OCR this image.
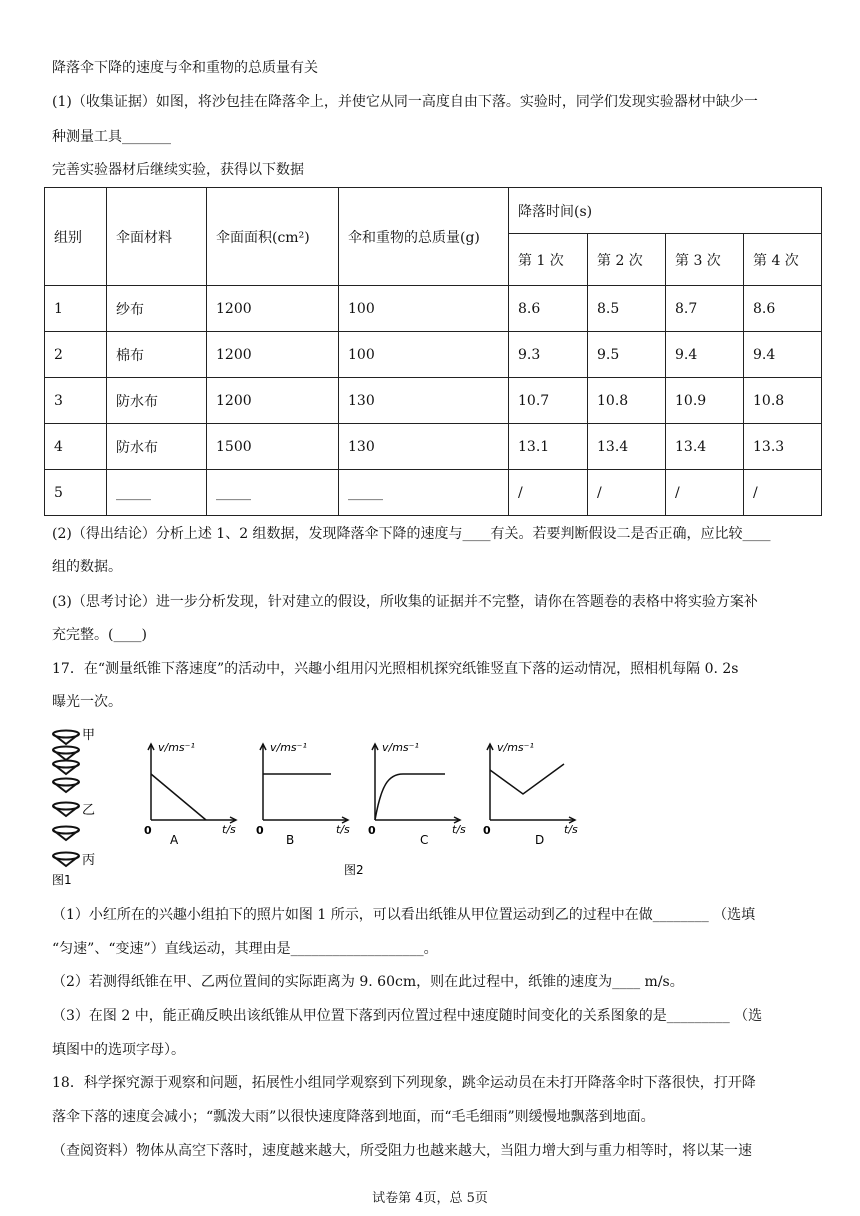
降落伞下降的速度与伞和重物的总质量有关
(1)（收集证据）如图，将沙包挂在降落伞上，并使它从同一高度自由下落。实验时，同学们发现实验器材中缺少一
种测量工具_______
完善实验器材后继续实验，获得以下数据
组别	伞面材料	伞面面积(cm²)	伞和重物的总质量(g)	降落时间(s)			
				第 1 次	第 2 次	第 3 次	第 4 次
1	纱布	1200	100	8.6	8.5	8.7	8.6
2	棉布	1200	100	9.3	9.5	9.4	9.4
3	防水布	1200	130	10.7	10.8	10.9	10.8
4	防水布	1500	130	13.1	13.4	13.4	13.3
5	_____	_____	_____	/	/	/	/
(2)（得出结论）分析上述 1、2 组数据，发现降落伞下降的速度与____有关。若要判断假设二是否正确，应比较____
组的数据。
(3)（思考讨论）进一步分析发现，针对建立的假设，所收集的证据并不完整，请你在答题卷的表格中将实验方案补
充完整。(____)
17．在“测量纸锥下落速度”的活动中，兴趣小组用闪光照相机探究纸锥竖直下落的运动情况，照相机每隔 0. 2s
曝光一次。
甲
乙
丙
图1
v/ms⁻¹
0	t/s
A
v/ms⁻¹
0	t/s
B
v/ms⁻¹
0	t/s
C
v/ms⁻¹
0	t/s
D
图2
（1）小红所在的兴趣小组拍下的照片如图 1 所示，可以看出纸锥从甲位置运动到乙的过程中在做________ （选填
“匀速”、“变速”）直线运动，其理由是___________________。
（2）若测得纸锥在甲、乙两位置间的实际距离为 9. 60cm，则在此过程中，纸锥的速度为____ m/s。
（3）在图 2 中，能正确反映出该纸锥从甲位置下落到丙位置过程中速度随时间变化的关系图象的是_________ （选
填图中的选项字母）。
18．科学探究源于观察和问题，拓展性小组同学观察到下列现象，跳伞运动员在未打开降落伞时下落很快，打开降
落伞下落的速度会减小；“瓢泼大雨”以很快速度降落到地面，而“毛毛细雨”则缓慢地飘落到地面。
（查阅资料）物体从高空下落时，速度越来越大，所受阻力也越来越大，当阻力增大到与重力相等时，将以某一速
试卷第 4页，总 5页
